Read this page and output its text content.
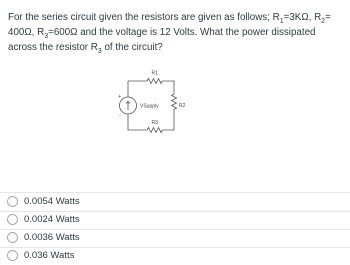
For the series circuit given the resistors are given as follows; $R_1=3K\Omega$, $R_2= 400\Omega$, $R_3=600\Omega$ and the voltage is 12 Volts. What the power dissipated across the resistor $R_3$ of the circuit?

R1
R2
R3
VSupply
+
-
0.0054 Watts
0.0024 Watts
0.0036 Watts
0.036 Watts
